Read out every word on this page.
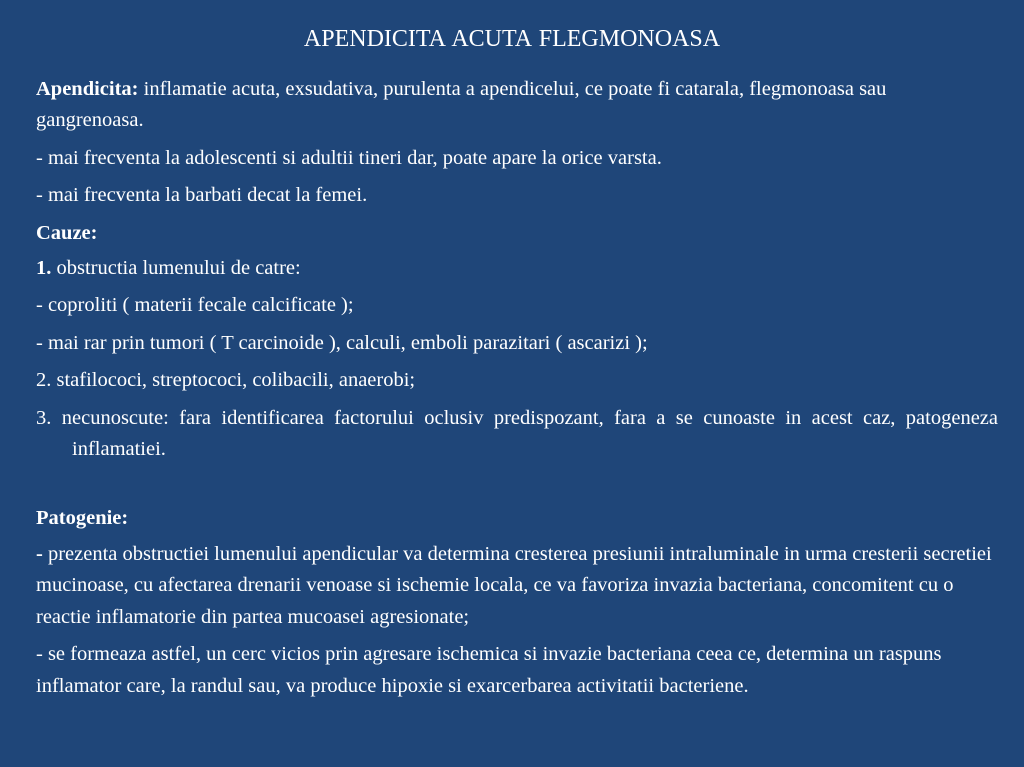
APENDICITA ACUTA FLEGMONOASA
Apendicita: inflamatie acuta, exsudativa, purulenta a apendicelui, ce poate fi catarala, flegmonoasa sau gangrenoasa.
- mai frecventa la adolescenti si adultii tineri dar, poate apare la orice varsta.
- mai frecventa la barbati decat la femei.
Cauze:
1. obstructia lumenului de catre:
- coproliti ( materii fecale calcificate );
- mai rar prin tumori ( T carcinoide ), calculi, emboli parazitari ( ascarizi );
2. stafilococi, streptococi, colibacili, anaerobi;
3. necunoscute: fara identificarea factorului oclusiv predispozant, fara a se cunoaste in acest caz, patogeneza inflamatiei.
Patogenie:
- prezenta obstructiei lumenului apendicular va determina cresterea presiunii intraluminale in urma cresterii secretiei mucinoase, cu afectarea drenarii venoase si ischemie locala, ce va favoriza invazia bacteriana, concomitent cu o reactie inflamatorie din partea mucoasei agresionate;
- se formeaza astfel, un cerc vicios prin agresare ischemica si invazie bacteriana ceea ce, determina un raspuns inflamator care, la randul sau, va produce hipoxie si exarcerbarea activitatii bacteriene.
